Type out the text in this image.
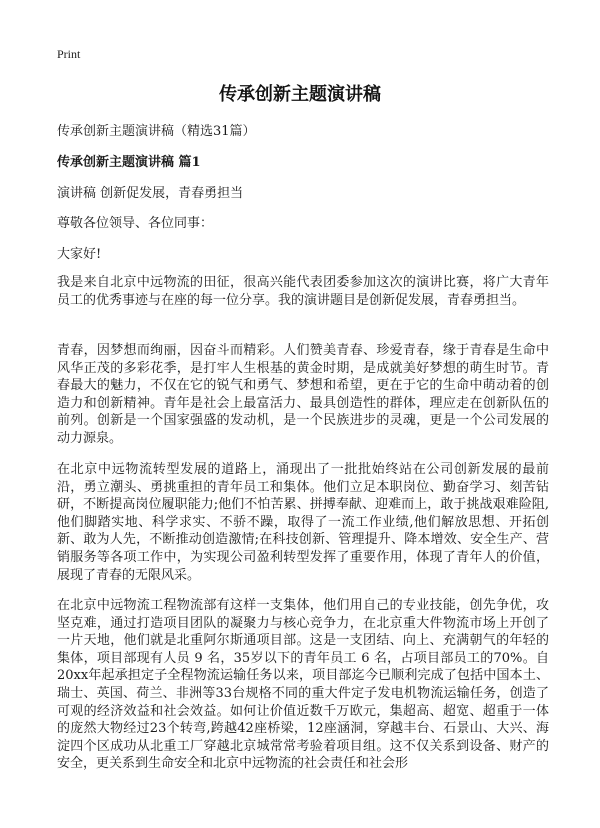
Print
传承创新主题演讲稿

传承创新主题演讲稿（精选31篇）

传承创新主题演讲稿 篇1

演讲稿 创新促发展，青春勇担当

尊敬各位领导、各位同事：

大家好!

我是来自北京中远物流的田征，很高兴能代表团委参加这次的演讲比赛，将广大青年员工的优秀事迹与在座的每一位分享。我的演讲题目是创新促发展，青春勇担当。

青春，因梦想而绚丽，因奋斗而精彩。人们赞美青春、珍爱青春，缘于青春是生命中风华正茂的多彩花季，是打牢人生根基的黄金时期，是成就美好梦想的萌生时节。青春最大的魅力，不仅在它的锐气和勇气、梦想和希望，更在于它的生命中萌动着的创造力和创新精神。青年是社会上最富活力、最具创造性的群体，理应走在创新队伍的前列。创新是一个国家强盛的发动机，是一个民族进步的灵魂，更是一个公司发展的动力源泉。

在北京中远物流转型发展的道路上，涌现出了一批批始终站在公司创新发展的最前沿，勇立潮头、勇挑重担的青年员工和集体。他们立足本职岗位、勤奋学习、刻苦钻研，不断提高岗位履职能力;他们不怕苦累、拼搏奉献、迎难而上，敢于挑战艰难险阻,他们脚踏实地、科学求实、不骄不躁，取得了一流工作业绩,他们解放思想、开拓创新、敢为人先，不断推动创造激情;在科技创新、管理提升、降本增效、安全生产、营销服务等各项工作中，为实现公司盈利转型发挥了重要作用，体现了青年人的价值，展现了青春的无限风采。

在北京中远物流工程物流部有这样一支集体，他们用自己的专业技能，创先争优，攻坚克难，通过打造项目团队的凝聚力与核心竞争力，在北京重大件物流市场上开创了一片天地，他们就是北重阿尔斯通项目部。这是一支团结、向上、充满朝气的年轻的集体，项目部现有人员 9 名，35岁以下的青年员工 6 名，占项目部员工的70%。自20xx年起承担定子全程物流运输任务以来，项目部迄今已顺利完成了包括中国本土、瑞士、英国、荷兰、非洲等33台规格不同的重大件定子发电机物流运输任务，创造了可观的经济效益和社会效益。如何让价值近数千万欧元，集超高、超宽、超重于一体的庞然大物经过23个转弯,跨越42座桥梁，12座涵洞，穿越丰台、石景山、大兴、海淀四个区成功从北重工厂穿越北京城常常考验着项目组。这不仅关系到设备、财产的安全，更关系到生命安全和北京中远物流的社会责任和社会形
